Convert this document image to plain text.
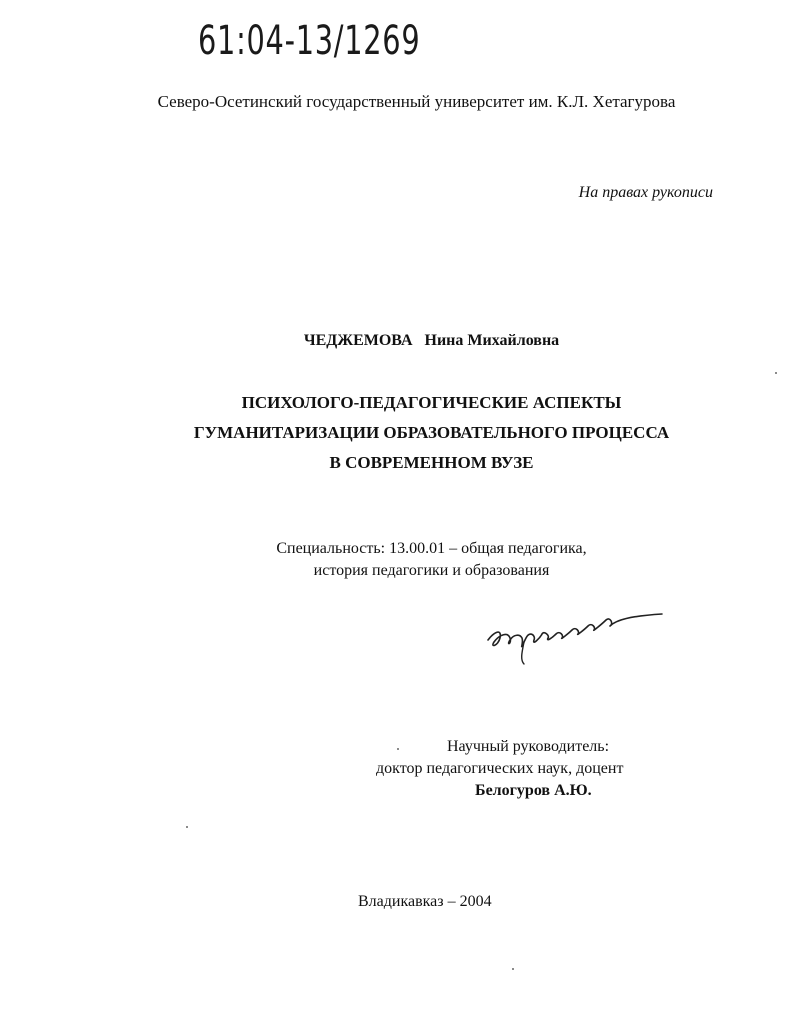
61:04-13/1269
Северо-Осетинский государственный университет им. К.Л. Хетагурова
На правах рукописи
ЧЕДЖЕМОВА Нина Михайловна
ПСИХОЛОГО-ПЕДАГОГИЧЕСКИЕ АСПЕКТЫ
ГУМАНИТАРИЗАЦИИ ОБРАЗОВАТЕЛЬНОГО ПРОЦЕССА
В СОВРЕМЕННОМ ВУЗЕ
Специальность: 13.00.01 – общая педагогика,
история педагогики и образования
Научный руководитель:
доктор педагогических наук, доцент
Белогуров А.Ю.
Владикавказ – 2004
